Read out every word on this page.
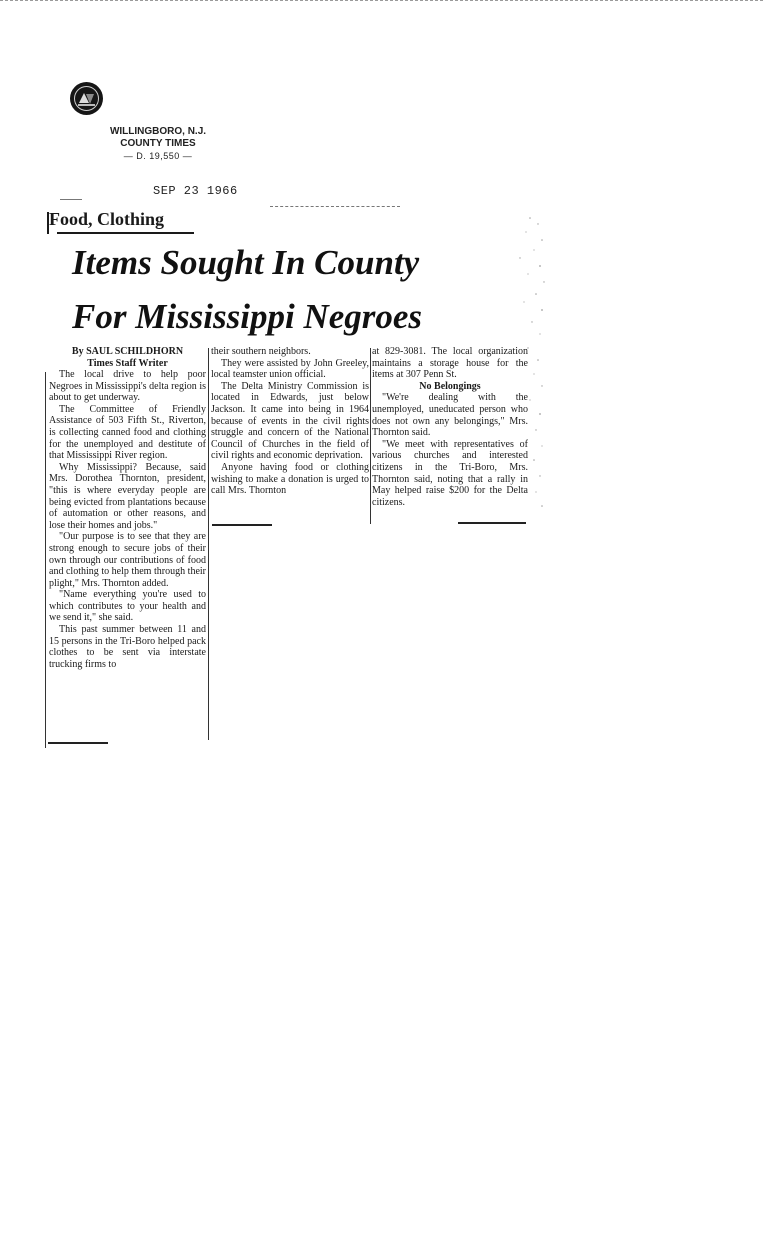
WILLINGBORO, N.J.
COUNTY TIMES
— D. 19,550 —
SEP 23 1966
Food, Clothing
Items Sought In County
For Mississippi Negroes

By SAUL SCHILDHORN
Times Staff Writer

The local drive to help poor Negroes in Mississippi's delta region is about to get underway.

The Committee of Friendly Assistance of 503 Fifth St., Riverton, is collecting canned food and clothing for the unemployed and destitute of that Mississippi River region.

Why Mississippi? Because, said Mrs. Dorothea Thornton, president, "this is where everyday people are being evicted from plantations because of automation or other reasons, and lose their homes and jobs."

"Our purpose is to see that they are strong enough to secure jobs of their own through our contributions of food and clothing to help them through their plight," Mrs. Thornton added.

"Name everything you're used to which contributes to your health and we send it," she said.

This past summer between 11 and 15 persons in the Tri-Boro helped pack clothes to be sent via interstate trucking firms to

their southern neighbors.

They were assisted by John Greeley, local teamster union official.

The Delta Ministry Commission is located in Edwards, just below Jackson. It came into being in 1964 because of events in the civil rights struggle and concern of the National Council of Churches in the field of civil rights and economic deprivation.

Anyone having food or clothing wishing to make a donation is urged to call Mrs. Thornton

at 829-3081. The local organization maintains a storage house for the items at 307 Penn St.

No Belongings

"We're dealing with the unemployed, uneducated person who does not own any belongings," Mrs. Thornton said.

"We meet with representatives of various churches and interested citizens in the Tri-Boro, Mrs. Thornton said, noting that a rally in May helped raise $200 for the Delta citizens.
